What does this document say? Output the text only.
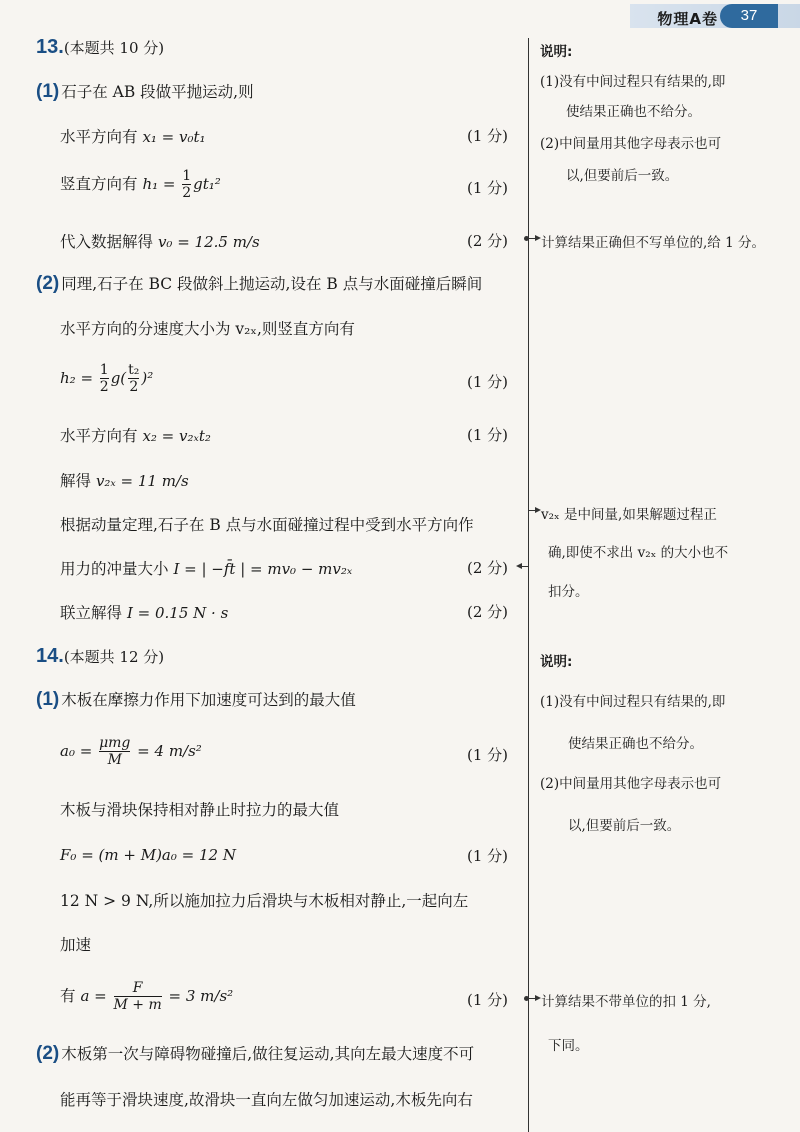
物理A卷	37
13.(本题共 10 分)
(1) 石子在 AB 段做平抛运动,则
水平方向有 x₁ = v₀t₁	(1 分)
竖直方向有 $h_1 = \frac{1}{2} gt_1^2$	(1 分)
代入数据解得 v₀ = 12.5 m/s	(2 分)
(2) 同理,石子在 BC 段做斜上抛运动,设在 B 点与水面碰撞后瞬间
水平方向的分速度大小为 v₂ₓ,则竖直方向有
$h_2 = \frac{1}{2} g( \frac{\text{t₂}}{2} )^2$	(1 分)
水平方向有 x₂ = v₂ₓt₂	(1 分)
解得 v₂ₓ = 11 m/s
根据动量定理,石子在 B 点与水面碰撞过程中受到水平方向作
用力的冲量大小 I = | −f̄t | = mv₀ − mv₂ₓ	(2 分)
联立解得 I = 0.15 N · s	(2 分)
14.(本题共 12 分)
(1) 木板在摩擦力作用下加速度可达到的最大值
$a_0 = \frac{\text{μmg}}{M} = 4$ m/s²	(1 分)
木板与滑块保持相对静止时拉力的最大值
F₀ = (m + M)a₀ = 12 N	(1 分)
12 N > 9 N,所以施加拉力后滑块与木板相对静止,一起向左
加速
有 $a = \frac{F}{M + m} = 3$ m/s²	(1 分)
(2) 木板第一次与障碍物碰撞后,做往复运动,其向左最大速度不可
能再等于滑块速度,故滑块一直向左做匀加速运动,木板先向右
说明:
(1)没有中间过程只有结果的,即
使结果正确也不给分。
(2)中间量用其他字母表示也可
以,但要前后一致。
计算结果正确但不写单位的,给 1 分。
v₂ₓ 是中间量,如果解题过程正
确,即使不求出 v₂ₓ 的大小也不
扣分。
说明:
(1)没有中间过程只有结果的,即
使结果正确也不给分。
(2)中间量用其他字母表示也可
以,但要前后一致。
计算结果不带单位的扣 1 分,
下同。
